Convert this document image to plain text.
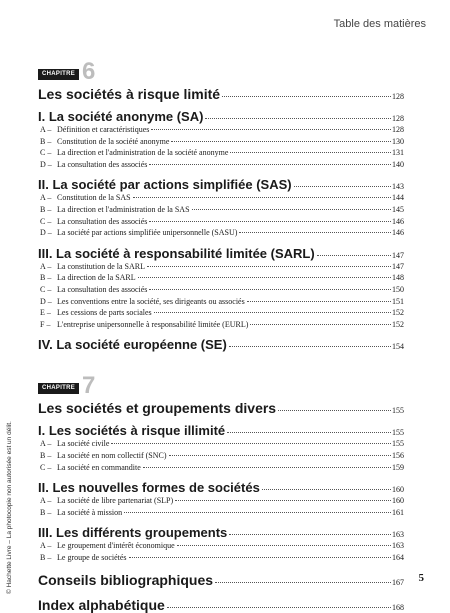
Table des matières
CHAPITRE 6
Les sociétés à risque limité	128
I. La société anonyme (SA)	128
A – Définition et caractéristiques	128
B – Constitution de la société anonyme	130
C – La direction et l'administration de la société anonyme	131
D – La consultation des associés	140
II. La société par actions simplifiée (SAS)	143
A – Constitution de la SAS	144
B – La direction et l'administration de la SAS	145
C – La consultation des associés	146
D – La société par actions simplifiée unipersonnelle (SASU)	146
III. La société à responsabilité limitée (SARL)	147
A – La constitution de la SARL	147
B – La direction de la SARL	148
C – La consultation des associés	150
D – Les conventions entre la société, ses dirigeants ou associés	151
E – Les cessions de parts sociales	152
F – L'entreprise unipersonnelle à responsabilité limitée (EURL)	152
IV. La société européenne (SE)	154
CHAPITRE 7
Les sociétés et groupements divers	155
I. Les sociétés à risque illimité	155
A – La société civile	155
B – La société en nom collectif (SNC)	156
C – La société en commandite	159
II. Les nouvelles formes de sociétés	160
A – La société de libre partenariat (SLP)	160
B – La société à mission	161
III. Les différents groupements	163
A – Le groupement d'intérêt économique	163
B – Le groupe de sociétés	164
Conseils bibliographiques	167
Index alphabétique	168
© Hachette Livre – La photocopie non autorisée est un délit.	5
